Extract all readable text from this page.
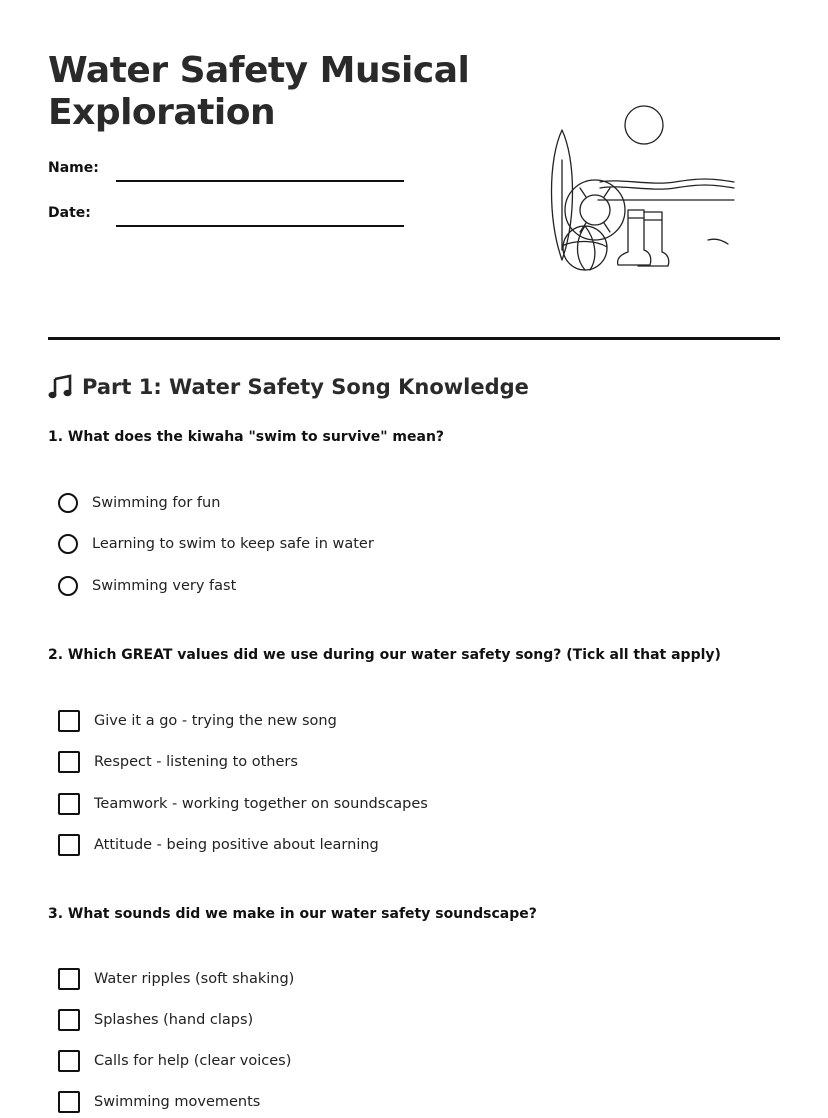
Water Safety Musical Exploration
Name:
Date:
Part 1: Water Safety Song Knowledge

1. What does the kiwaha "swim to survive" mean?

Swimming for fun
Learning to swim to keep safe in water
Swimming very fast

2. Which GREAT values did we use during our water safety song? (Tick all that apply)

Give it a go - trying the new song
Respect - listening to others
Teamwork - working together on soundscapes
Attitude - being positive about learning

3. What sounds did we make in our water safety soundscape?

Water ripples (soft shaking)
Splashes (hand claps)
Calls for help (clear voices)
Swimming movements
